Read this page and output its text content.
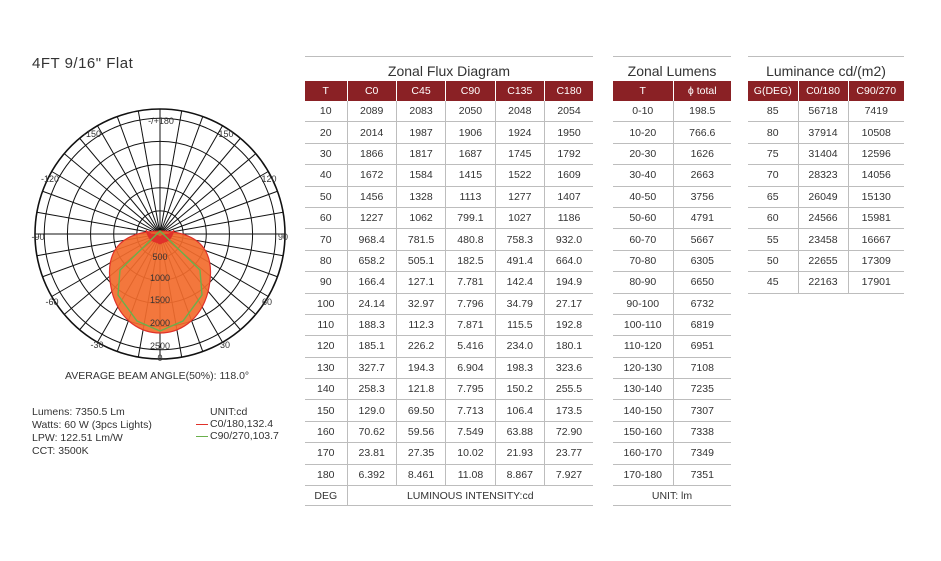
4FT 9/16" Flat
500
1000
1500
2000
2500
-/+180
-150	150
-120	120
-90	90
-60	60
-30	30
0
AVERAGE BEAM ANGLE(50%): 118.0°
Lumens: 7350.5 Lm
Watts: 60 W (3pcs Lights)
LPW: 122.51 Lm/W
CCT: 3500K
UNIT:cd
C0/180,132.4
C90/270,103.7
Zonal Flux Diagram
T	C0	C45	C90	C135	C180
10	2089	2083	2050	2048	2054
20	2014	1987	1906	1924	1950
30	1866	1817	1687	1745	1792
40	1672	1584	1415	1522	1609
50	1456	1328	1113	1277	1407
60	1227	1062	799.1	1027	1186
70	968.4	781.5	480.8	758.3	932.0
80	658.2	505.1	182.5	491.4	664.0
90	166.4	127.1	7.781	142.4	194.9
100	24.14	32.97	7.796	34.79	27.17
110	188.3	112.3	7.871	115.5	192.8
120	185.1	226.2	5.416	234.0	180.1
130	327.7	194.3	6.904	198.3	323.6
140	258.3	121.8	7.795	150.2	255.5
150	129.0	69.50	7.713	106.4	173.5
160	70.62	59.56	7.549	63.88	72.90
170	23.81	27.35	10.02	21.93	23.77
180	6.392	8.461	11.08	8.867	7.927
DEG	LUMINOUS INTENSITY:cd				
Zonal Lumens
T	ϕ total
0-10	198.5
10-20	766.6
20-30	1626
30-40	2663
40-50	3756
50-60	4791
60-70	5667
70-80	6305
80-90	6650
90-100	6732
100-110	6819
110-120	6951
120-130	7108
130-140	7235
140-150	7307
150-160	7338
160-170	7349
170-180	7351
UNIT: lm	
Luminance cd/(m2)
G(DEG)	C0/180	C90/270
85	56718	7419
80	37914	10508
75	31404	12596
70	28323	14056
65	26049	15130
60	24566	15981
55	23458	16667
50	22655	17309
45	22163	17901
